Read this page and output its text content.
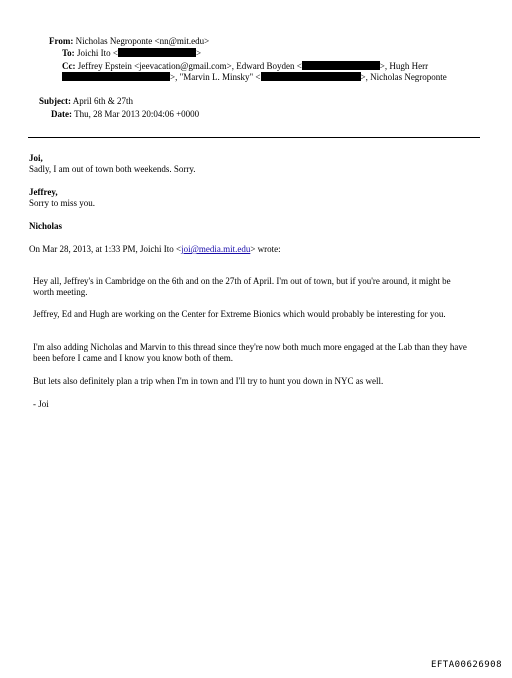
From: Nicholas Negroponte <nn@mit.edu>
To: Joichi Ito <	>
Cc: Jeffrey Epstein <jeevacation@gmail.com>, Edward Boyden <	>, Hugh Herr
>, "Marvin L. Minsky" <	>, Nicholas Negroponte
Subject: April 6th & 27th
Date: Thu, 28 Mar 2013 20:04:06 +0000
Joi,
Sadly, I am out of town both weekends. Sorry.
Jeffrey,
Sorry to miss you.
Nicholas
On Mar 28, 2013, at 1:33 PM, Joichi Ito <joi@media.mit.edu> wrote:
Hey all, Jeffrey's in Cambridge on the 6th and on the 27th of April. I'm out of town, but if you're around, it might be worth meeting.
Jeffrey, Ed and Hugh are working on the Center for Extreme Bionics which would probably be interesting for you.
I'm also adding Nicholas and Marvin to this thread since they're now both much more engaged at the Lab than they have been before I came and I know you know both of them.
But lets also definitely plan a trip when I'm in town and I'll try to hunt you down in NYC as well.
- Joi
EFTA00626908
